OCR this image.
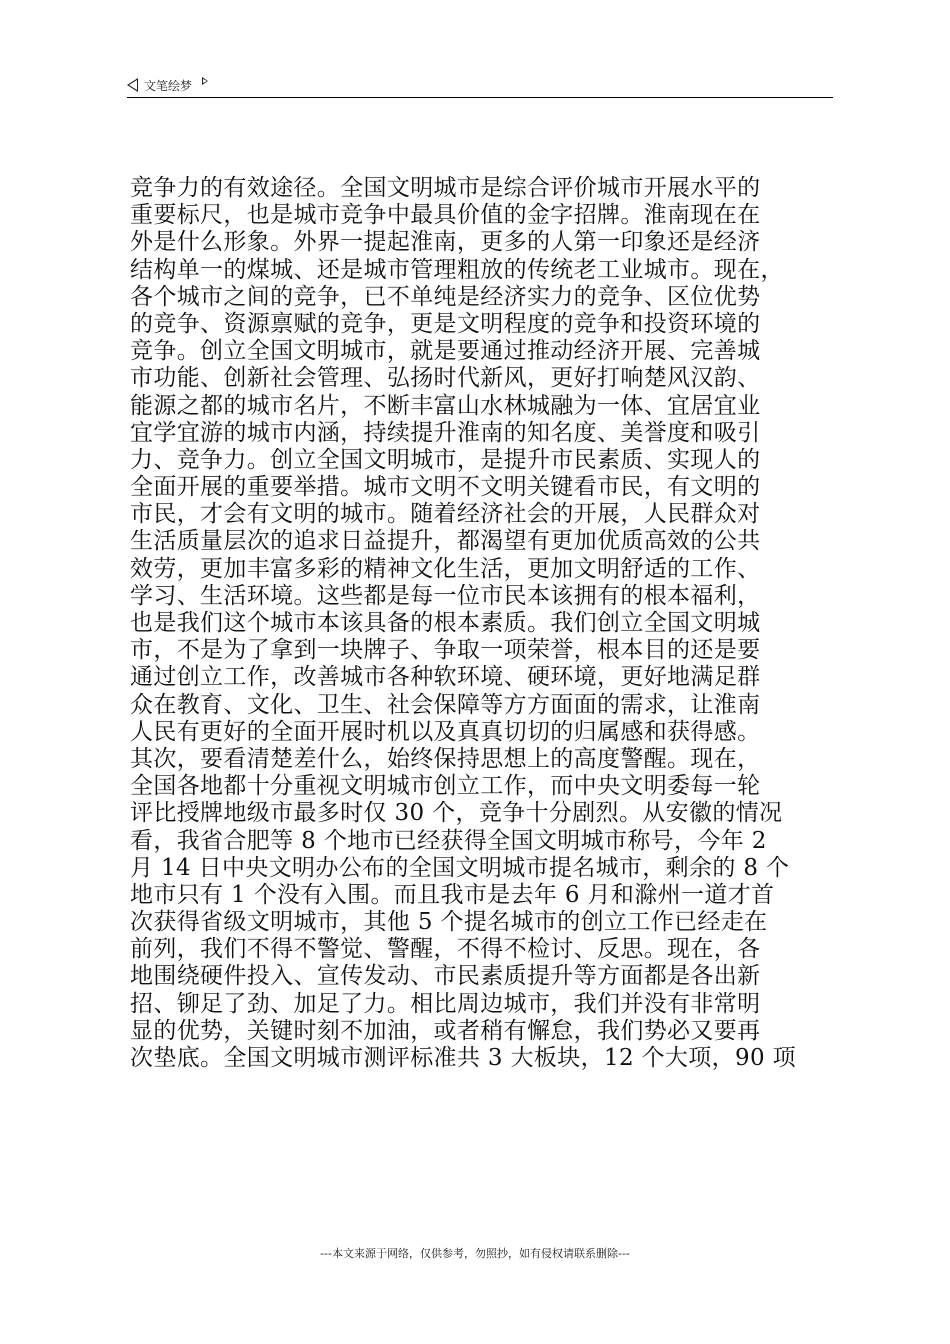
文笔绘梦
竞争力的有效途径。全国文明城市是综合评价城市开展水平的
重要标尺，也是城市竞争中最具价值的金字招牌。淮南现在在
外是什么形象。外界一提起淮南，更多的人第一印象还是经济
结构单一的煤城、还是城市管理粗放的传统老工业城市。现在，
各个城市之间的竞争，已不单纯是经济实力的竞争、区位优势
的竞争、资源禀赋的竞争，更是文明程度的竞争和投资环境的
竞争。创立全国文明城市，就是要通过推动经济开展、完善城
市功能、创新社会管理、弘扬时代新风，更好打响楚风汉韵、
能源之都的城市名片，不断丰富山水林城融为一体、宜居宜业
宜学宜游的城市内涵，持续提升淮南的知名度、美誉度和吸引
力、竞争力。创立全国文明城市，是提升市民素质、实现人的
全面开展的重要举措。城市文明不文明关键看市民，有文明的
市民，才会有文明的城市。随着经济社会的开展，人民群众对
生活质量层次的追求日益提升，都渴望有更加优质高效的公共
效劳，更加丰富多彩的精神文化生活，更加文明舒适的工作、
学习、生活环境。这些都是每一位市民本该拥有的根本福利，
也是我们这个城市本该具备的根本素质。我们创立全国文明城
市，不是为了拿到一块牌子、争取一项荣誉，根本目的还是要
通过创立工作，改善城市各种软环境、硬环境，更好地满足群
众在教育、文化、卫生、社会保障等方方面面的需求，让淮南
人民有更好的全面开展时机以及真真切切的归属感和获得感。
其次，要看清楚差什么，始终保持思想上的高度警醒。现在，
全国各地都十分重视文明城市创立工作，而中央文明委每一轮
评比授牌地级市最多时仅 30 个，竞争十分剧烈。从安徽的情况
看，我省合肥等 8 个地市已经获得全国文明城市称号，今年 2
月 14 日中央文明办公布的全国文明城市提名城市，剩余的 8 个
地市只有 1 个没有入围。而且我市是去年 6 月和滁州一道才首
次获得省级文明城市，其他 5 个提名城市的创立工作已经走在
前列，我们不得不警觉、警醒，不得不检讨、反思。现在，各
地围绕硬件投入、宣传发动、市民素质提升等方面都是各出新
招、铆足了劲、加足了力。相比周边城市，我们并没有非常明
显的优势，关键时刻不加油，或者稍有懈怠，我们势必又要再
次垫底。全国文明城市测评标准共 3 大板块，12 个大项，90 项
---本文来源于网络，仅供参考，勿照抄，如有侵权请联系删除---
